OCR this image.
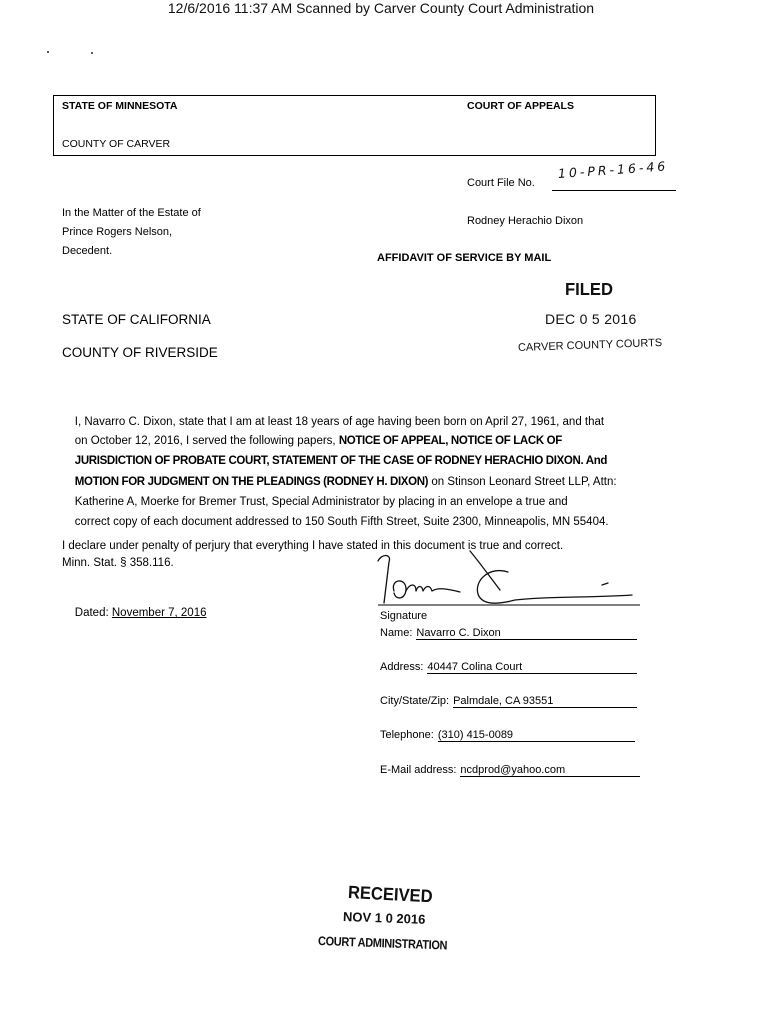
12/6/2016 11:37 AM Scanned by Carver County Court Administration
STATE OF MINNESOTA	COURT OF APPEALS
COUNTY OF CARVER
Court File No.
10-PR-16-46
In the Matter of the Estate of
Prince Rogers Nelson,
Decedent.
Rodney Herachio Dixon
AFFIDAVIT OF SERVICE BY MAIL
FILED
DEC 0 5 2016
CARVER COUNTY COURTS
STATE OF CALIFORNIA
COUNTY OF RIVERSIDE

I, Navarro C. Dixon, state that I am at least 18 years of age having been born on April 27, 1961, and that

on October 12, 2016, I served the following papers, NOTICE OF APPEAL, NOTICE OF LACK OF

JURISDICTION OF PROBATE COURT, STATEMENT OF THE CASE OF RODNEY HERACHIO DIXON. And

MOTION FOR JUDGMENT ON THE PLEADINGS (RODNEY H. DIXON) on Stinson Leonard Street LLP, Attn:

Katherine A, Moerke for Bremer Trust, Special Administrator by placing in an envelope a true and

correct copy of each document addressed to 150 South Fifth Street, Suite 2300, Minneapolis, MN 55404.

I declare under penalty of perjury that everything I have stated in this document is true and correct.
Minn. Stat. § 358.116.

Dated: November 7, 2016
	Signature
Name: Navarro C. Dixon
Address: 40447 Colina Court
City/State/Zip: Palmdale, CA 93551
Telephone: (310) 415-0089
E-Mail address: ncdprod@yahoo.com
RECEIVED
NOV 1 0 2016
COURT ADMINISTRATION
